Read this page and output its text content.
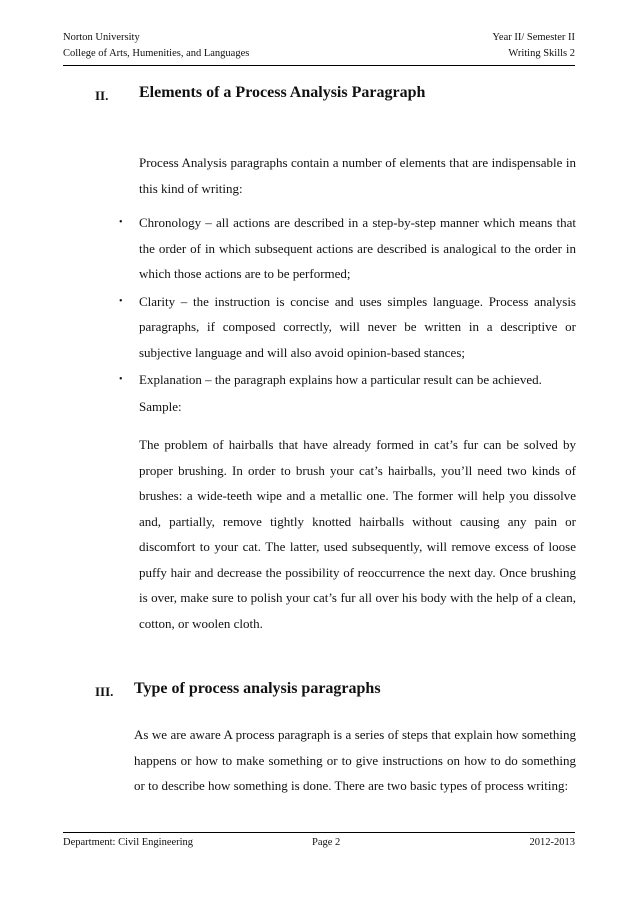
Norton University
College of Arts, Humenities, and Languages
Year II/ Semester II
Writing Skills 2
II. Elements of a Process Analysis Paragraph

Process Analysis paragraphs contain a number of elements that are indispensable in this kind of writing:

• Chronology – all actions are described in a step-by-step manner which means that the order of in which subsequent actions are described is analogical to the order in which those actions are to be performed;
• Clarity – the instruction is concise and uses simples language. Process analysis paragraphs, if composed correctly, will never be written in a descriptive or subjective language and will also avoid opinion-based stances;
• Explanation – the paragraph explains how a particular result can be achieved.

Sample:

The problem of hairballs that have already formed in cat’s fur can be solved by proper brushing. In order to brush your cat’s hairballs, you’ll need two kinds of brushes: a wide-teeth wipe and a metallic one. The former will help you dissolve and, partially, remove tightly knotted hairballs without causing any pain or discomfort to your cat. The latter, used subsequently, will remove excess of loose puffy hair and decrease the possibility of reoccurrence the next day. Once brushing is over, make sure to polish your cat’s fur all over his body with the help of a clean, cotton, or woolen cloth.

III. Type of process analysis paragraphs

As we are aware A process paragraph is a series of steps that explain how something happens or how to make something or to give instructions on how to do something or to describe how something is done. There are two basic types of process writing:

Department: Civil Engineering	Page 2	2012-2013
